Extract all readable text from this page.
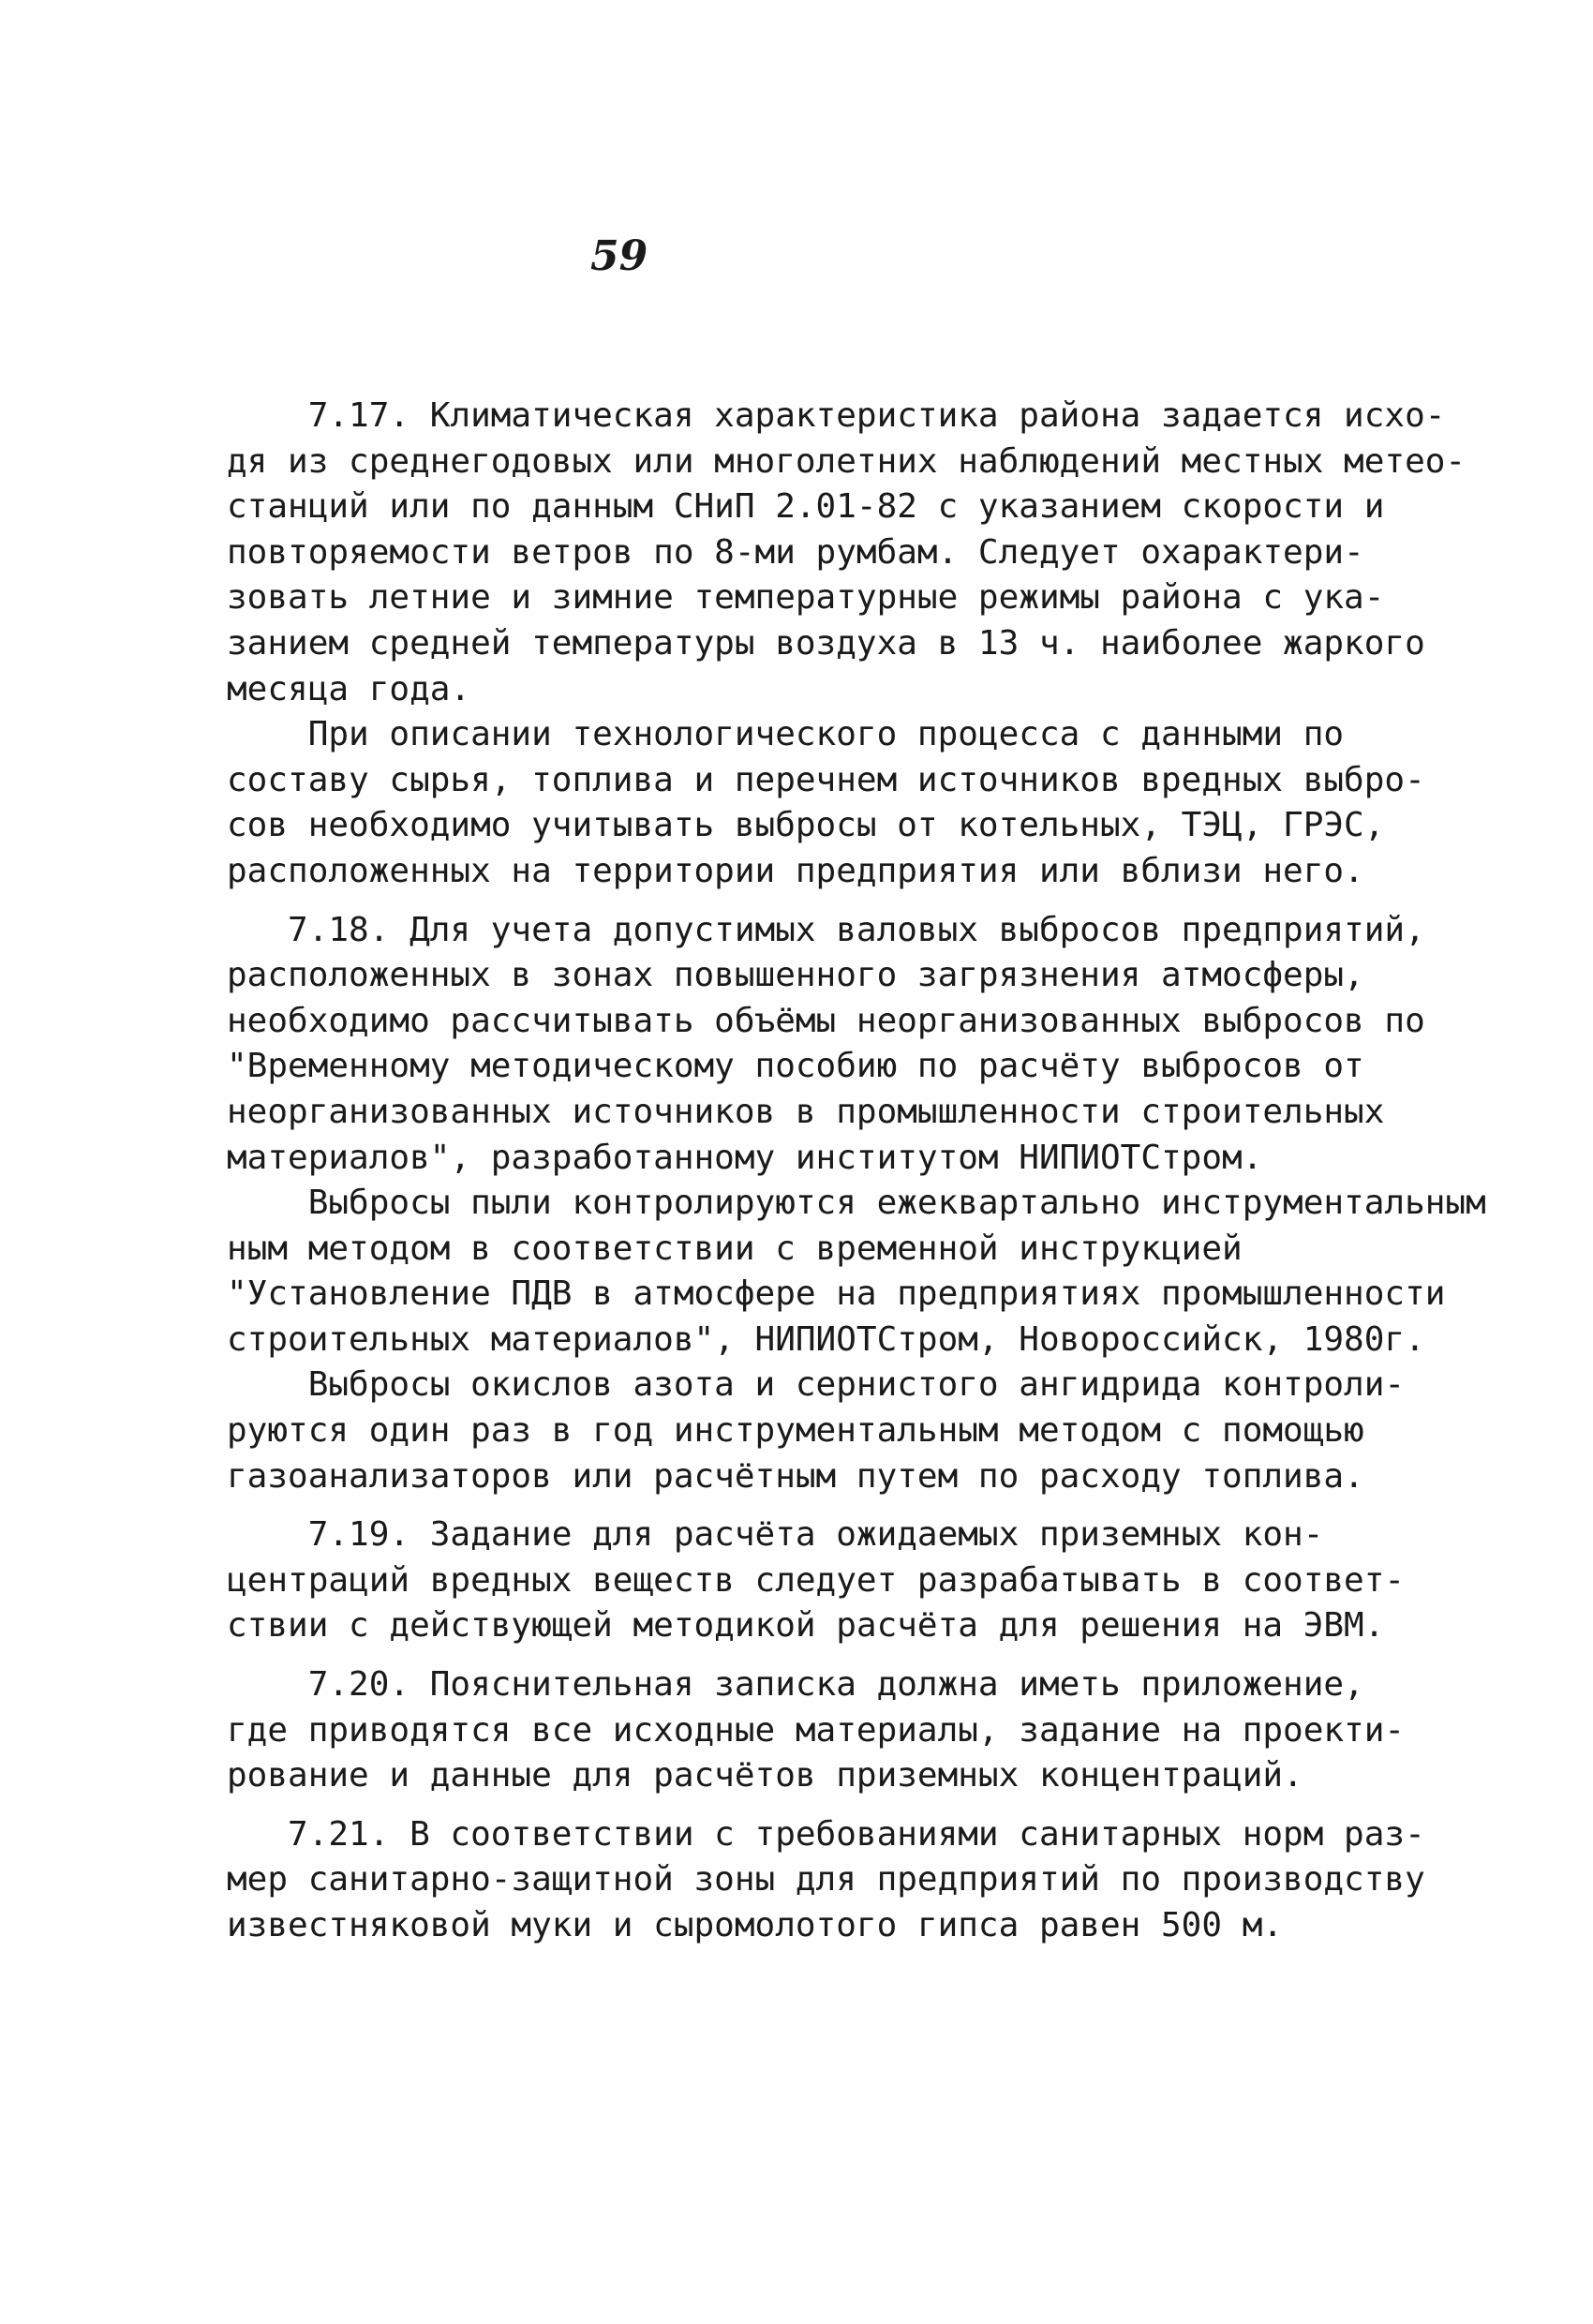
59
7.17. Климатическая характеристика района задается исхо-
дя из среднегодовых или многолетних наблюдений местных метео-
станций или по данным СНиП 2.01-82 с указанием скорости и
повторяемости ветров по 8-ми румбам. Следует охарактери-
зовать летние и зимние температурные режимы района с ука-
занием средней температуры воздуха в 13 ч. наиболее жаркого
месяца года.
При описании технологического процесса с данными по
составу сырья, топлива и перечнем источников вредных выбро-
сов необходимо учитывать выбросы от котельных, ТЭЦ, ГРЭС,
расположенных на территории предприятия или вблизи него.
7.18. Для учета допустимых валовых выбросов предприятий,
расположенных в зонах повышенного загрязнения атмосферы,
необходимо рассчитывать объёмы неорганизованных выбросов по
"Временному методическому пособию по расчёту выбросов от
неорганизованных источников в промышленности строительных
материалов", разработанному институтом НИПИОТСтром.
Выбросы пыли контролируются ежеквартально инструментальным
ным методом в соответствии с временной инструкцией
"Установление ПДВ в атмосфере на предприятиях промышленности
строительных материалов", НИПИОТСтром, Новороссийск, 1980г.
Выбросы окислов азота и сернистого ангидрида контроли-
руются один раз в год инструментальным методом с помощью
газоанализаторов или расчётным путем по расходу топлива.
7.19. Задание для расчёта ожидаемых приземных кон-
центраций вредных веществ следует разрабатывать в соответ-
ствии с действующей методикой расчёта для решения на ЭВМ.
7.20. Пояснительная записка должна иметь приложение,
где приводятся все исходные материалы, задание на проекти-
рование и данные для расчётов приземных концентраций.
7.21. В соответствии с требованиями санитарных норм раз-
мер санитарно-защитной зоны для предприятий по производству
известняковой муки и сыромолотого гипса равен 500 м.
